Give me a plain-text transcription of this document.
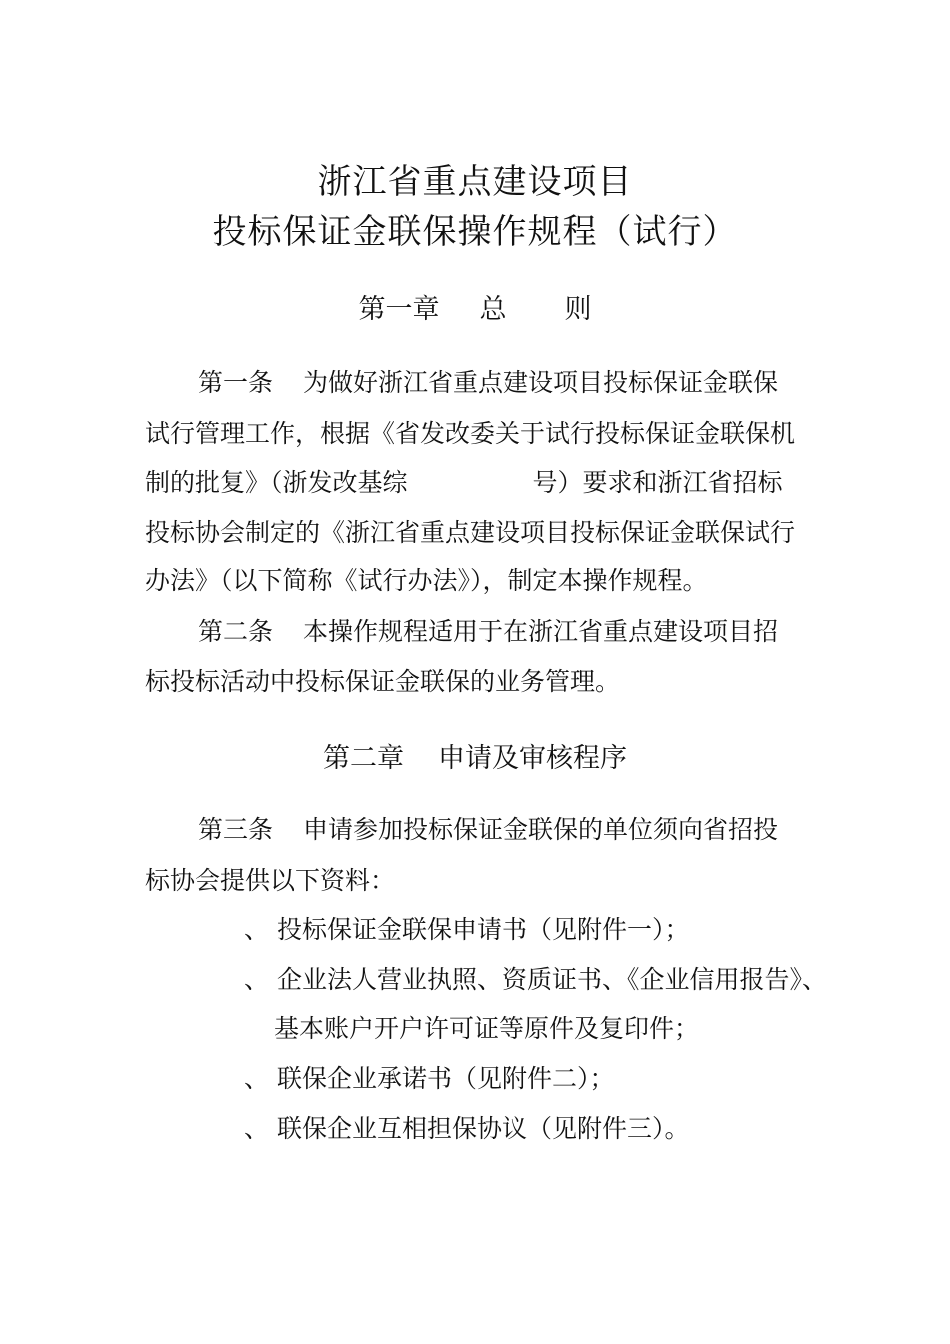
浙江省重点建设项目
投标保证金联保操作规程（试行）
第一章 总 则
第一条 为做好浙江省重点建设项目投标保证金联保
试行管理工作，根据《省发改委关于试行投标保证金联保机
制的批复》（浙发改基综	号）要求和浙江省招标
投标协会制定的《浙江省重点建设项目投标保证金联保试行
办法》（以下简称《试行办法》），制定本操作规程。
第二条 本操作规程适用于在浙江省重点建设项目招
标投标活动中投标保证金联保的业务管理。
第二章 申请及审核程序
第三条 申请参加投标保证金联保的单位须向省招投
标协会提供以下资料：
、 投标保证金联保申请书（见附件一）；
、 企业法人营业执照、资质证书、《企业信用报告》、
基本账户开户许可证等原件及复印件；
、 联保企业承诺书（见附件二）；
、 联保企业互相担保协议（见附件三）。
